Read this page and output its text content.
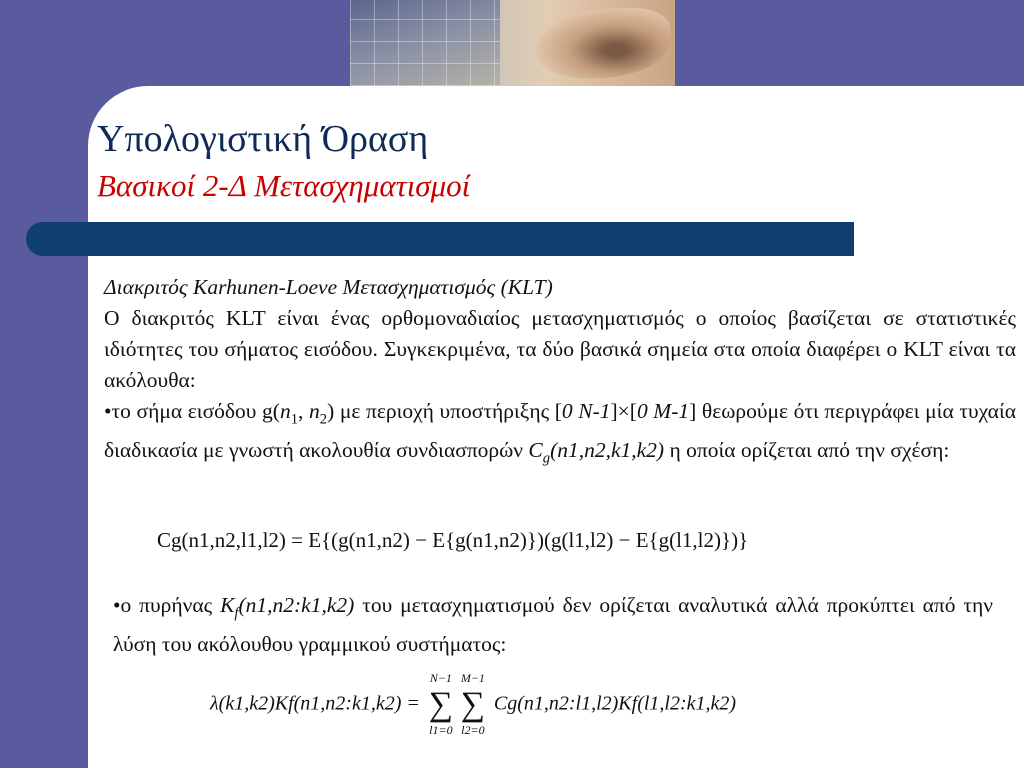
Υπολογιστική Όραση
Βασικοί 2-Δ Μετασχηματισμοί

Διακριτός Karhunen-Loeve Μετασχηματισμός (KLT)

Ο διακριτός KLT είναι ένας ορθομοναδιαίος μετασχηματισμός ο οποίος βασίζεται σε στατιστικές ιδιότητες του σήματος εισόδου. Συγκεκριμένα, τα δύο βασικά σημεία στα οποία διαφέρει ο KLT είναι τα ακόλουθα:

•το σήμα εισόδου $g(n_1$, $n_2$) με περιοχή υποστήριξης [0 N-1]×[0 M-1] θεωρούμε ότι περιγράφει μία τυχαία διαδικασία με γνωστή ακολουθία συνδιασπορών $C_g(n1,n2,k1,k2)$ η οποία ορίζεται από την σχέση:

Cg(n1,n2,l1,l2) = E{(g(n1,n2) − E{g(n1,n2)})(g(l1,l2) − E{g(l1,l2)})}

•ο πυρήνας $K_f(n1,n2:k1,k2)$ του μετασχηματισμού δεν ορίζεται αναλυτικά αλλά προκύπτει από την λύση του ακόλουθου γραμμικού συστήματος:

λ(k1,k2)Kf(n1,n2:k1,k2) = ∑
N−1
l1=0
∑
M−1
l2=0
Cg(n1,n2:l1,l2)Kf(l1,l2:k1,k2)
